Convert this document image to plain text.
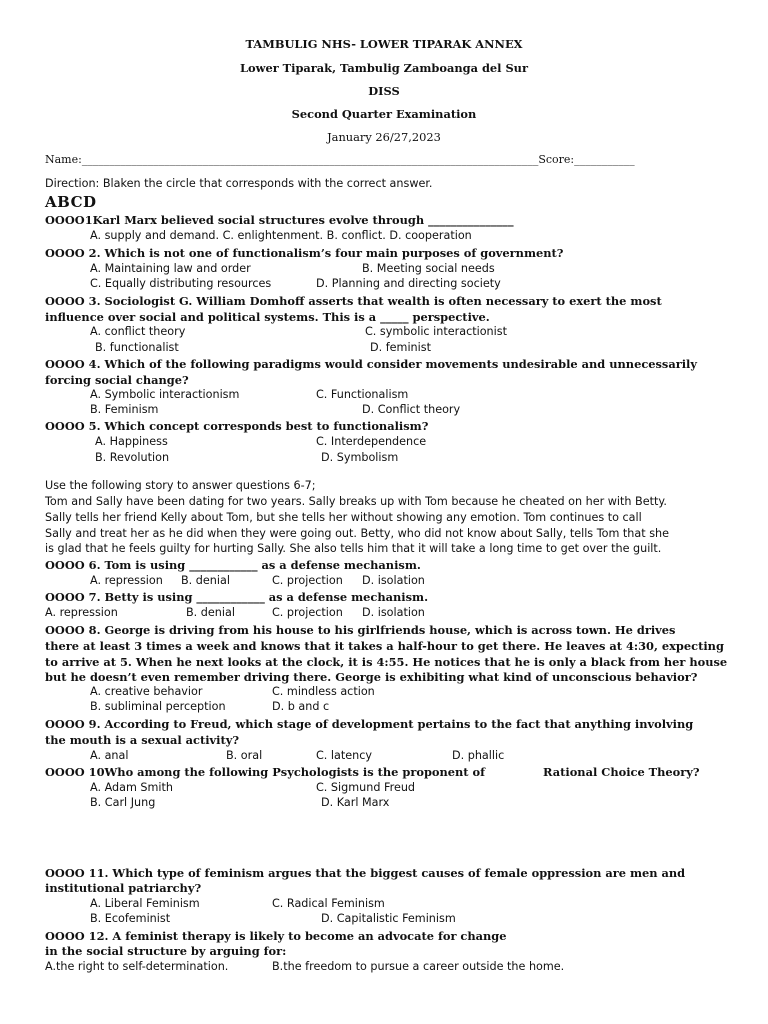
TAMBULIG NHS- LOWER TIPARAK ANNEX
Lower Tiparak, Tambulig Zamboanga del Sur
DISS
Second Quarter Examination
January 26/27,2023
Name:___________________________________________________________________________________Score:___________
Direction: Blaken the circle that corresponds with the correct answer.
ABCD
OOOO1Karl Marx believed social structures evolve through _______________
A. supply and demand. C. enlightenment. B. conflict. D. cooperation
OOOO 2. Which is not one of functionalism’s four main purposes of government?
A. Maintaining law and order	B. Meeting social needs
C. Equally distributing resources	D. Planning and directing society
OOOO 3. Sociologist G. William Domhoff asserts that wealth is often necessary to exert the most
influence over social and political systems. This is a _____ perspective.
A. conflict theory	C. symbolic interactionist
B. functionalist	D. feminist
OOOO 4. Which of the following paradigms would consider movements undesirable and unnecessarily
forcing social change?
A. Symbolic interactionism	C. Functionalism
B. Feminism	D. Conflict theory
OOOO 5. Which concept corresponds best to functionalism?
A. Happiness	C. Interdependence
B. Revolution	D. Symbolism
Use the following story to answer questions 6-7;
Tom and Sally have been dating for two years. Sally breaks up with Tom because he cheated on her with Betty.
Sally tells her friend Kelly about Tom, but she tells her without showing any emotion. Tom continues to call
Sally and treat her as he did when they were going out. Betty, who did not know about Sally, tells Tom that she
is glad that he feels guilty for hurting Sally. She also tells him that it will take a long time to get over the guilt.
OOOO 6. Tom is using ____________ as a defense mechanism.
A. repression B. denial	C. projection D. isolation
OOOO 7. Betty is using ____________ as a defense mechanism.
A. repression	B. denial	C. projection D. isolation
OOOO 8. George is driving from his house to his girlfriends house, which is across town. He drives
there at least 3 times a week and knows that it takes a half-hour to get there. He leaves at 4:30, expecting
to arrive at 5. When he next looks at the clock, it is 4:55. He notices that he is only a black from her house
but he doesn’t even remember driving there. George is exhibiting what kind of unconscious behavior?
A. creative behavior	C. mindless action
B. subliminal perception	D. b and c
OOOO 9. According to Freud, which stage of development pertains to the fact that anything involving
the mouth is a sexual activity?
A. anal	B. oral	C. latency	D. phallic
OOOO 10Who among the following Psychologists is the proponent of	Rational Choice Theory?
A. Adam Smith	C. Sigmund Freud
B. Carl Jung	D. Karl Marx
OOOO 11. Which type of feminism argues that the biggest causes of female oppression are men and
institutional patriarchy?
A. Liberal Feminism	C. Radical Feminism
B. Ecofeminist	D. Capitalistic Feminism
OOOO 12. A feminist therapy is likely to become an advocate for change
in the social structure by arguing for:
A.the right to self-determination.	B.the freedom to pursue a career outside the home.
